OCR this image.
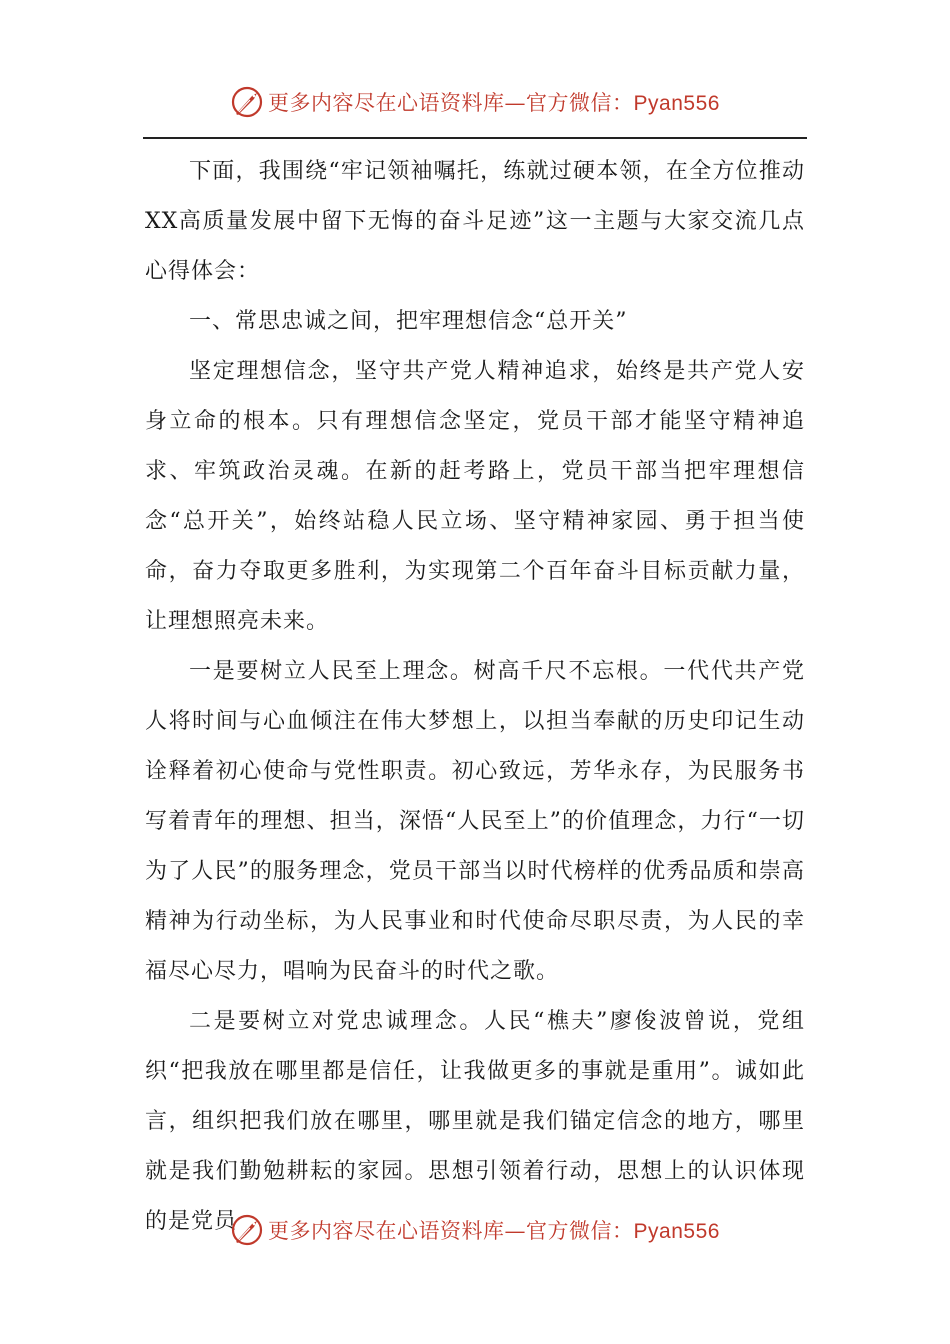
更多内容尽在心语资料库—官方微信：Pyan556

下面，我围绕“牢记领袖嘱托，练就过硬本领，在全方位推动XX高质量发展中留下无悔的奋斗足迹”这一主题与大家交流几点心得体会：

一、常思忠诚之间，把牢理想信念“总开关”

坚定理想信念，坚守共产党人精神追求，始终是共产党人安身立命的根本。只有理想信念坚定，党员干部才能坚守精神追求、牢筑政治灵魂。在新的赶考路上，党员干部当把牢理想信念“总开关”，始终站稳人民立场、坚守精神家园、勇于担当使命，奋力夺取更多胜利，为实现第二个百年奋斗目标贡献力量，让理想照亮未来。

一是要树立人民至上理念。树高千尺不忘根。一代代共产党人将时间与心血倾注在伟大梦想上，以担当奉献的历史印记生动诠释着初心使命与党性职责。初心致远，芳华永存，为民服务书写着青年的理想、担当，深悟“人民至上”的价值理念，力行“一切为了人民”的服务理念，党员干部当以时代榜样的优秀品质和崇高精神为行动坐标，为人民事业和时代使命尽职尽责，为人民的幸福尽心尽力，唱响为民奋斗的时代之歌。

二是要树立对党忠诚理念。人民“樵夫”廖俊波曾说，党组织“把我放在哪里都是信任，让我做更多的事就是重用”。诚如此言，组织把我们放在哪里，哪里就是我们锚定信念的地方，哪里就是我们勤勉耕耘的家园。思想引领着行动，思想上的认识体现的是党员	更多内容尽在心语资料库—官方微信：Pyan556
